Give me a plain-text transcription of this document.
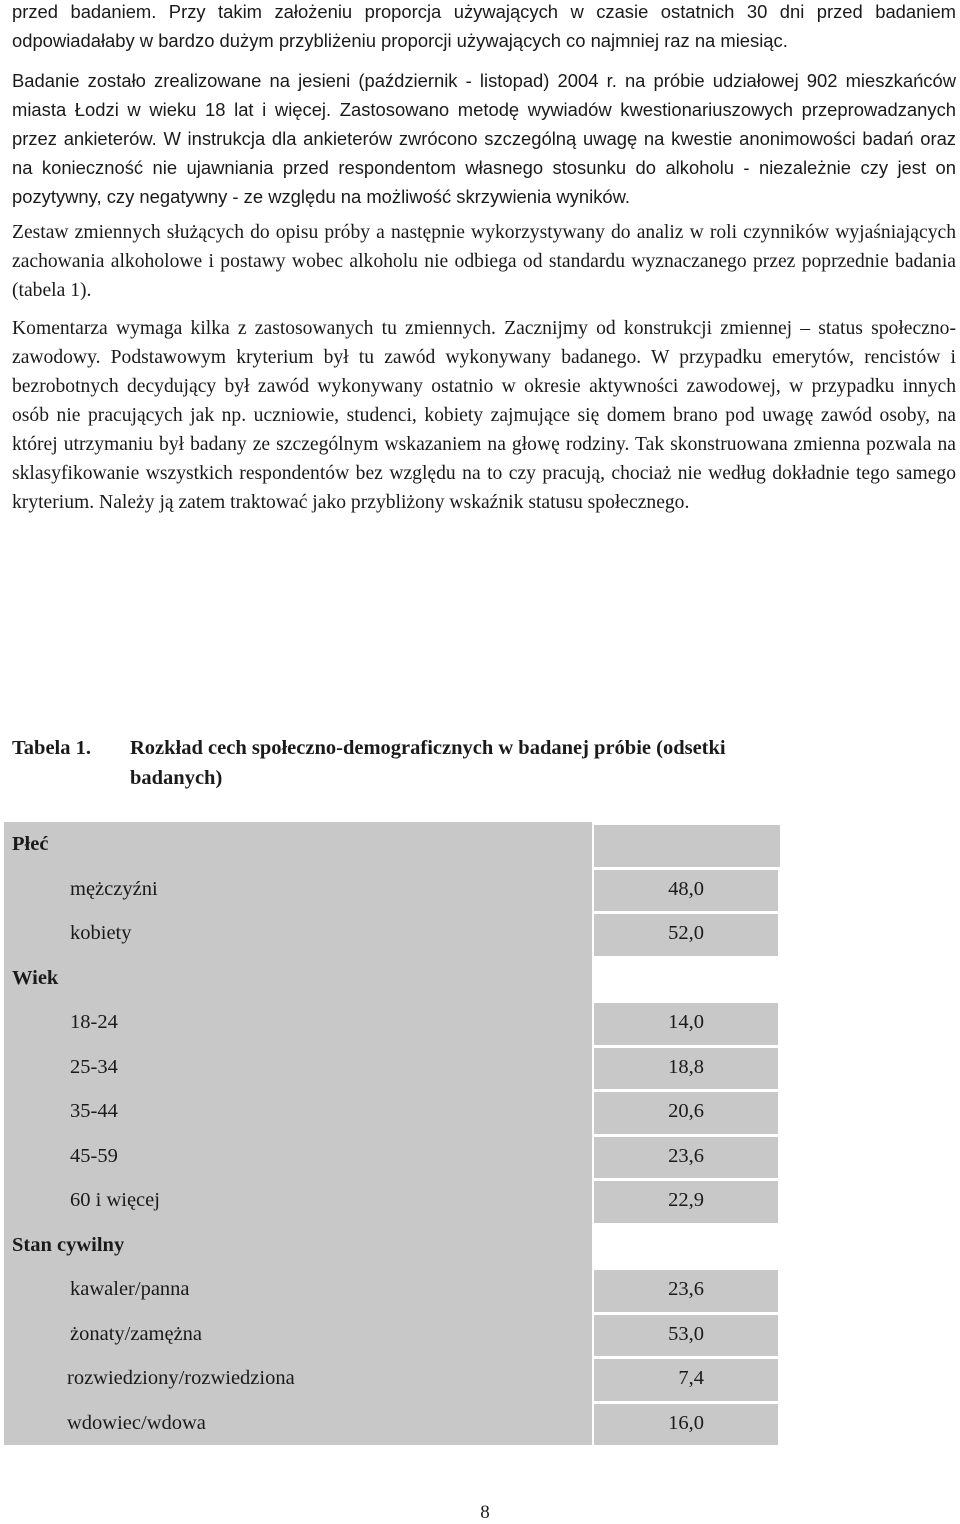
przed badaniem. Przy takim założeniu proporcja używających w czasie ostatnich 30 dni przed badaniem odpowiadałaby w bardzo dużym przybliżeniu proporcji używających co najmniej raz na miesiąc.

Badanie zostało zrealizowane na jesieni (październik - listopad) 2004 r. na próbie udziałowej 902 mieszkańców miasta Łodzi w wieku 18 lat i więcej. Zastosowano metodę wywiadów kwestionariuszowych przeprowadzanych przez ankieterów. W instrukcja dla ankieterów zwrócono szczególną uwagę na kwestie anonimowości badań oraz na konieczność nie ujawniania przed respondentom własnego stosunku do alkoholu - niezależnie czy jest on pozytywny, czy negatywny - ze względu na możliwość skrzywienia wyników.

Zestaw zmiennych służących do opisu próby a następnie wykorzystywany do analiz w roli czynników wyjaśniających zachowania alkoholowe i postawy wobec alkoholu nie odbiega od standardu wyznaczanego przez poprzednie badania (tabela 1).

Komentarza wymaga kilka z zastosowanych tu zmiennych. Zacznijmy od konstrukcji zmiennej – status społeczno-zawodowy. Podstawowym kryterium był tu zawód wykonywany badanego. W przypadku emerytów, rencistów i bezrobotnych decydujący był zawód wykonywany ostatnio w okresie aktywności zawodowej, w przypadku innych osób nie pracujących jak np. uczniowie, studenci, kobiety zajmujące się domem brano pod uwagę zawód osoby, na której utrzymaniu był badany ze szczególnym wskazaniem na głowę rodziny. Tak skonstruowana zmienna pozwala na sklasyfikowanie wszystkich respondentów bez względu na to czy pracują, chociaż nie według dokładnie tego samego kryterium. Należy ją zatem traktować jako przybliżony wskaźnik statusu społecznego.

Tabela 1. Rozkład cech społeczno-demograficznych w badanej próbie (odsetki
badanych)

Płeć
mężczyźni	48,0
kobiety	52,0
Wiek
18-24	14,0
25-34	18,8
35-44	20,6
45-59	23,6
60 i więcej	22,9
Stan cywilny
kawaler/panna	23,6
żonaty/zamężna	53,0
rozwiedziony/rozwiedziona	7,4
wdowiec/wdowa	16,0
8
